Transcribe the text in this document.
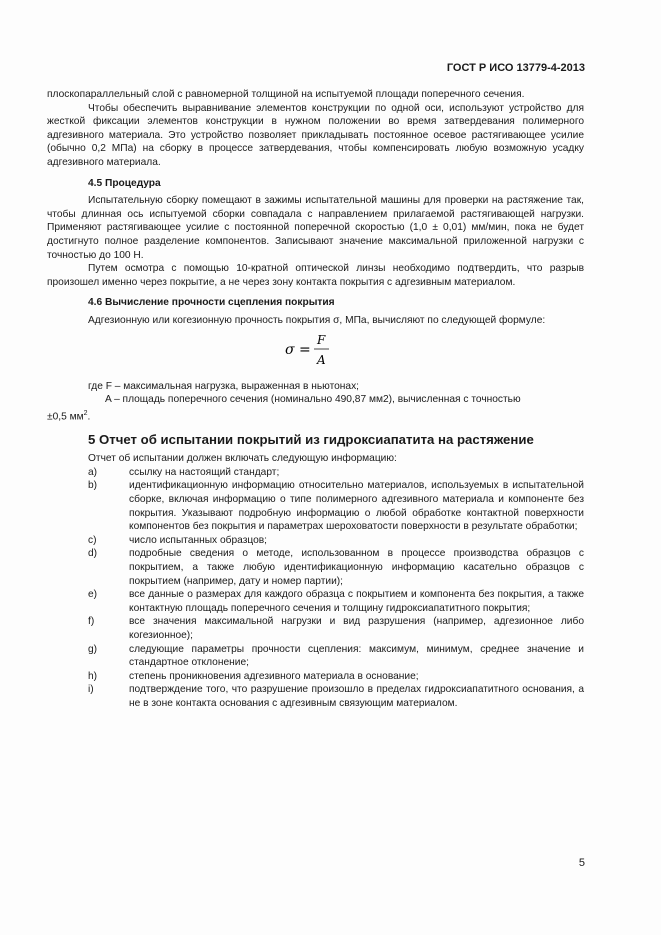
ГОСТ Р ИСО 13779-4-2013

плоскопараллельный слой с равномерной толщиной на испытуемой площади поперечного сечения.

Чтобы обеспечить выравнивание элементов конструкции по одной оси, используют устройство для жесткой фиксации элементов конструкции в нужном положении во время затвердевания полимерного адгезивного материала. Это устройство позволяет прикладывать постоянное осевое растягивающее усилие (обычно 0,2 МПа) на сборку в процессе затвердевания, чтобы компенсировать любую возможную усадку адгезивного материала.

4.5 Процедура

Испытательную сборку помещают в зажимы испытательной машины для проверки на растяжение так, чтобы длинная ось испытуемой сборки совпадала с направлением прилагаемой растягивающей нагрузки. Применяют растягивающее усилие с постоянной поперечной скоростью (1,0 ± 0,01) мм/мин, пока не будет достигнуто полное разделение компонентов. Записывают значение максимальной приложенной нагрузки с точностью до 100 Н.

Путем осмотра с помощью 10-кратной оптической линзы необходимо подтвердить, что разрыв произошел именно через покрытие, а не через зону контакта покрытия с адгезивным материалом.

4.6 Вычисление прочности сцепления покрытия

Адгезионную или когезионную прочность покрытия σ, МПа, вычисляют по следующей формуле:

σ =
F
A

где F – максимальная нагрузка, выраженная в ньютонах;

A – площадь поперечного сечения (номинально 490,87 мм2), вычисленная с точностью

±0,5 $мм^2$.

5 Отчет об испытании покрытий из гидроксиапатита на растяжение

Отчет об испытании должен включать следующую информацию:

a)	ссылку на настоящий стандарт;
b)	идентификационную информацию относительно материалов, используемых в испытательной сборке, включая информацию о типе полимерного адгезивного материала и компоненте без покрытия. Указывают подробную информацию о любой обработке контактной поверхности компонентов без покрытия и параметрах шероховатости поверхности в результате обработки;
c)	число испытанных образцов;
d)	подробные сведения о методе, использованном в процессе производства образцов с покрытием, а также любую идентификационную информацию касательно образцов с покрытием (например, дату и номер партии);
e)	все данные о размерах для каждого образца с покрытием и компонента без покрытия, а также контактную площадь поперечного сечения и толщину гидроксиапатитного покрытия;
f)	все значения максимальной нагрузки и вид разрушения (например, адгезионное либо когезионное);
g)	следующие параметры прочности сцепления: максимум, минимум, среднее значение и стандартное отклонение;
h)	степень проникновения адгезивного материала в основание;
i)	подтверждение того, что разрушение произошло в пределах гидроксиапатитного основания, а не в зоне контакта основания с адгезивным связующим материалом.
5
